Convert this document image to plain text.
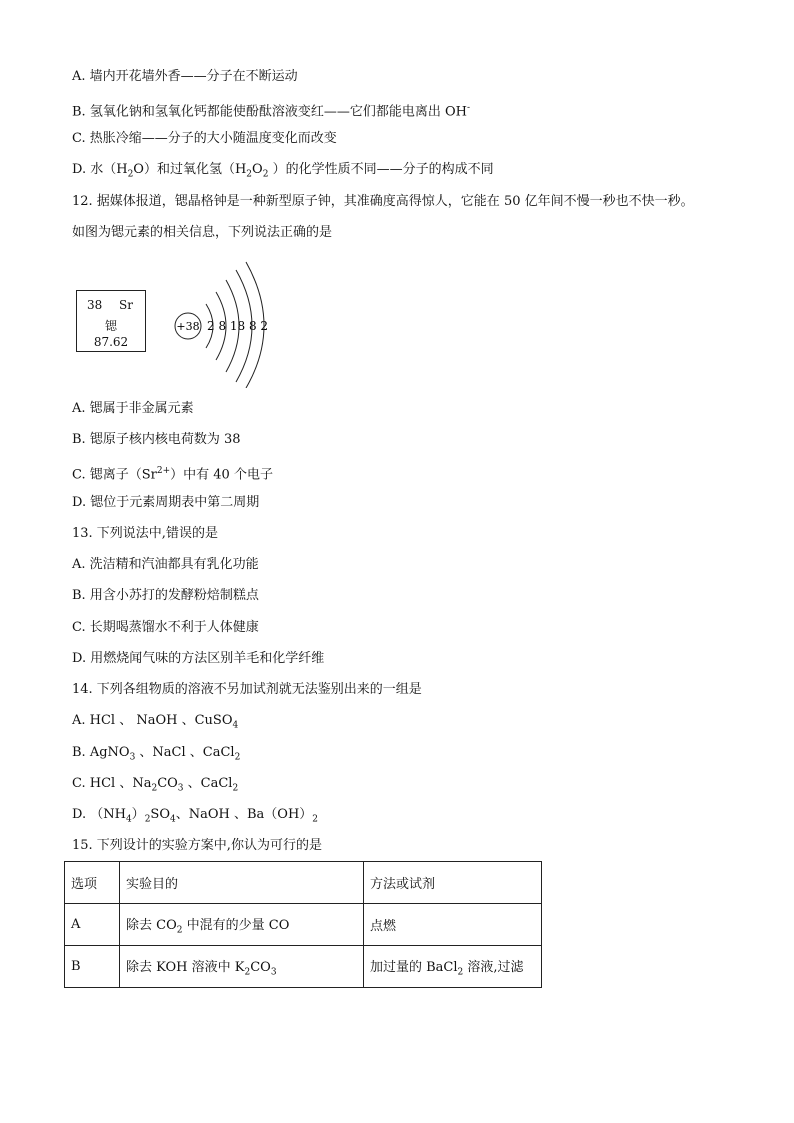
A. 墙内开花墙外香——分子在不断运动
B. 氢氧化钠和氢氧化钙都能使酚酞溶液变红——它们都能电离出 OH-
C. 热胀冷缩——分子的大小随温度变化而改变
D. 水$(H_2O)$和过氧化氢（$H_2O_2$ ）的化学性质不同——分子的构成不同
12. 据媒体报道，锶晶格钟是一种新型原子钟，其准确度高得惊人，它能在 50 亿年间不慢一秒也不快一秒。
如图为锶元素的相关信息，下列说法正确的是
38 Sr
锶
87.62
+38 2 8 18 8 2
A. 锶属于非金属元素
B. 锶原子核内核电荷数为 38
C. 锶离子$(Sr^{2+})$中有 40 个电子
D. 锶位于元素周期表中第二周期
13. 下列说法中,错误的是
A. 洗洁精和汽油都具有乳化功能
B. 用含小苏打的发酵粉焙制糕点
C. 长期喝蒸馏水不利于人体健康
D. 用燃烧闻气味的方法区别羊毛和化学纤维
14. 下列各组物质的溶液不另加试剂就无法鉴别出来的一组是
A. HCl 、 NaOH 、CuSO$_4$
B. AgNO$_3$ 、NaCl 、CaCl$_2$
C. HCl 、$Na_2CO_3$ 、CaCl$_2$
D. $(NH_4)_2SO_4$、NaOH 、$Ba(OH)_2$
15. 下列设计的实验方案中,你认为可行的是
选项	实验目的	方法或试剂
A	除去 $CO_2$ 中混有的少量 CO	点燃
B	除去 KOH 溶液中 $K_2CO_3$	加过量的 BaCl$_2$ 溶液,过滤
